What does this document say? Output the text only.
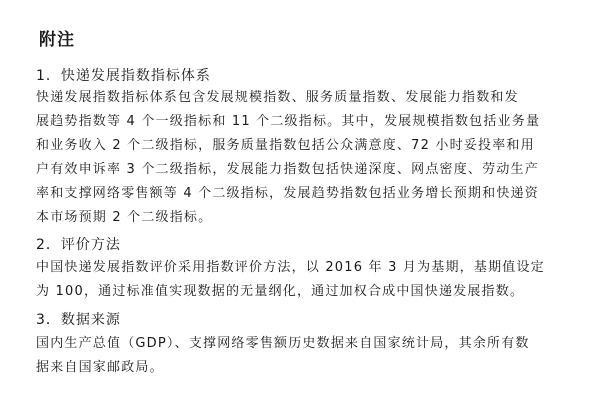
附注
1．快递发展指数指标体系
快递发展指数指标体系包含发展规模指数、服务质量指数、发展能力指数和发
展趋势指数等 4 个一级指标和 11 个二级指标。其中，发展规模指数包括业务量
和业务收入 2 个二级指标，服务质量指数包括公众满意度、72 小时妥投率和用
户有效申诉率 3 个二级指标，发展能力指数包括快递深度、网点密度、劳动生产
率和支撑网络零售额等 4 个二级指标，发展趋势指数包括业务增长预期和快递资
本市场预期 2 个二级指标。
2．评价方法
中国快递发展指数评价采用指数评价方法，以 2016 年 3 月为基期，基期值设定
为 100，通过标准值实现数据的无量纲化，通过加权合成中国快递发展指数。
3．数据来源
国内生产总值（GDP）、支撑网络零售额历史数据来自国家统计局，其余所有数
据来自国家邮政局。
